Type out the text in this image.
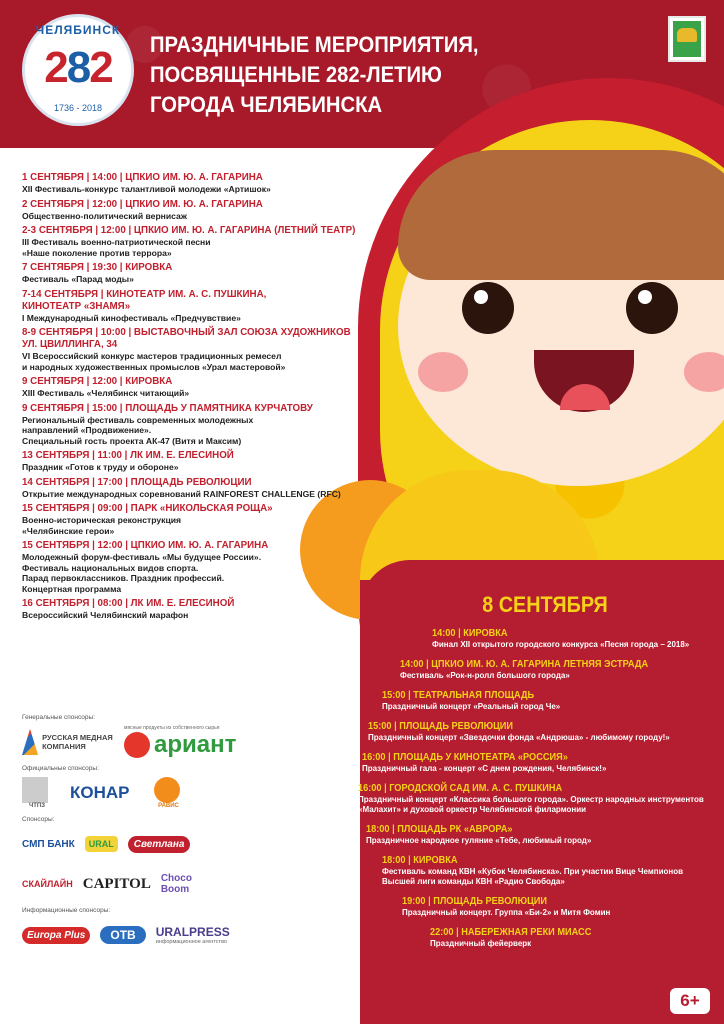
ЧЕЛЯБИНСК
282
1736 - 2018
ПРАЗДНИЧНЫЕ МЕРОПРИЯТИЯ,
ПОСВЯЩЕННЫЕ 282-ЛЕТИЮ
ГОРОДА ЧЕЛЯБИНСКА
1 СЕНТЯБРЯ | 14:00 | ЦПКИО ИМ. Ю. А. ГАГАРИНА
XII Фестиваль-конкурс талантливой молодежи «Артишок»
2 СЕНТЯБРЯ | 12:00 | ЦПКИО ИМ. Ю. А. ГАГАРИНА
Общественно-политический вернисаж
2-3 СЕНТЯБРЯ | 12:00 | ЦПКИО ИМ. Ю. А. ГАГАРИНА (ЛЕТНИЙ ТЕАТР)
III Фестиваль военно-патриотической песни
«Наше поколение против террора»
7 СЕНТЯБРЯ | 19:30 | КИРОВКА
Фестиваль «Парад моды»
7-14 СЕНТЯБРЯ | КИНОТЕАТР ИМ. А. С. ПУШКИНА,
КИНОТЕАТР «ЗНАМЯ»
I Международный кинофестиваль «Предчувствие»
8-9 СЕНТЯБРЯ | 10:00 | ВЫСТАВОЧНЫЙ ЗАЛ СОЮЗА ХУДОЖНИКОВ
УЛ. ЦВИЛЛИНГА, 34
VI Всероссийский конкурс мастеров традиционных ремесел
и народных художественных промыслов «Урал мастеровой»
9 СЕНТЯБРЯ | 12:00 | КИРОВКА
XIII Фестиваль «Челябинск читающий»
9 СЕНТЯБРЯ | 15:00 | ПЛОЩАДЬ У ПАМЯТНИКА КУРЧАТОВУ
Региональный фестиваль современных молодежных
направлений «Продвижение».
Специальный гость проекта АК-47 (Витя и Максим)
13 СЕНТЯБРЯ | 11:00 | ЛК ИМ. Е. ЕЛЕСИНОЙ
Праздник «Готов к труду и обороне»
14 СЕНТЯБРЯ | 17:00 | ПЛОЩАДЬ РЕВОЛЮЦИИ
Открытие международных соревнований RAINFOREST CHALLENGE (RFC)
15 СЕНТЯБРЯ | 09:00 | ПАРК «НИКОЛЬСКАЯ РОЩА»
Военно-историческая реконструкция
«Челябинские герои»
15 СЕНТЯБРЯ | 12:00 | ЦПКИО ИМ. Ю. А. ГАГАРИНА
Молодежный форум-фестиваль «Мы будущее России».
Фестиваль национальных видов спорта.
Парад первоклассников. Праздник профессий.
Концертная программа
16 СЕНТЯБРЯ | 08:00 | ЛК ИМ. Е. ЕЛЕСИНОЙ
Всероссийский Челябинский марафон
Генеральные спонсоры:
РУССКАЯ МЕДНАЯ КОМПАНИЯ
мясные продукты из собственного сырья
ариант
Официальные спонсоры:
ЧТПЗ
КОНАР
РАВИС
Спонсоры:
СМП БАНК	URAL	Светлана
СКАЙЛАЙН CAPITOL Choco Boom
Информационные спонсоры:
Europa Plus	ОТВ	URALPRESS
информационное агентство
8 СЕНТЯБРЯ
14:00 | КИРОВКА
Финал XII открытого городского конкурса «Песня города – 2018»
14:00 | ЦПКИО ИМ. Ю. А. ГАГАРИНА ЛЕТНЯЯ ЭСТРАДА
Фестиваль «Рок-н-ролл большого города»
15:00 | ТЕАТРАЛЬНАЯ ПЛОЩАДЬ
Праздничный концерт «Реальный город Че»
15:00 | ПЛОЩАДЬ РЕВОЛЮЦИИ
Праздничный концерт «Звездочки фонда «Андрюша» - любимому городу!»
16:00 | ПЛОЩАДЬ У КИНОТЕАТРА «РОССИЯ»
Праздничный гала - концерт «С днем рождения, Челябинск!»
16:00 | ГОРОДСКОЙ САД ИМ. А. С. ПУШКИНА
Праздничный концерт «Классика большого города». Оркестр народных инструментов
«Малахит» и духовой оркестр Челябинской филармонии
18:00 | ПЛОЩАДЬ РК «АВРОРА»
Праздничное народное гуляние «Тебе, любимый город»
18:00 | КИРОВКА
Фестиваль команд КВН «Кубок Челябинска». При участии Вице Чемпионов
Высшей лиги команды КВН «Радио Свобода»
19:00 | ПЛОЩАДЬ РЕВОЛЮЦИИ
Праздничный концерт. Группа «Би-2» и Митя Фомин
22:00 | НАБЕРЕЖНАЯ РЕКИ МИАСС
Праздничный фейерверк
6+
